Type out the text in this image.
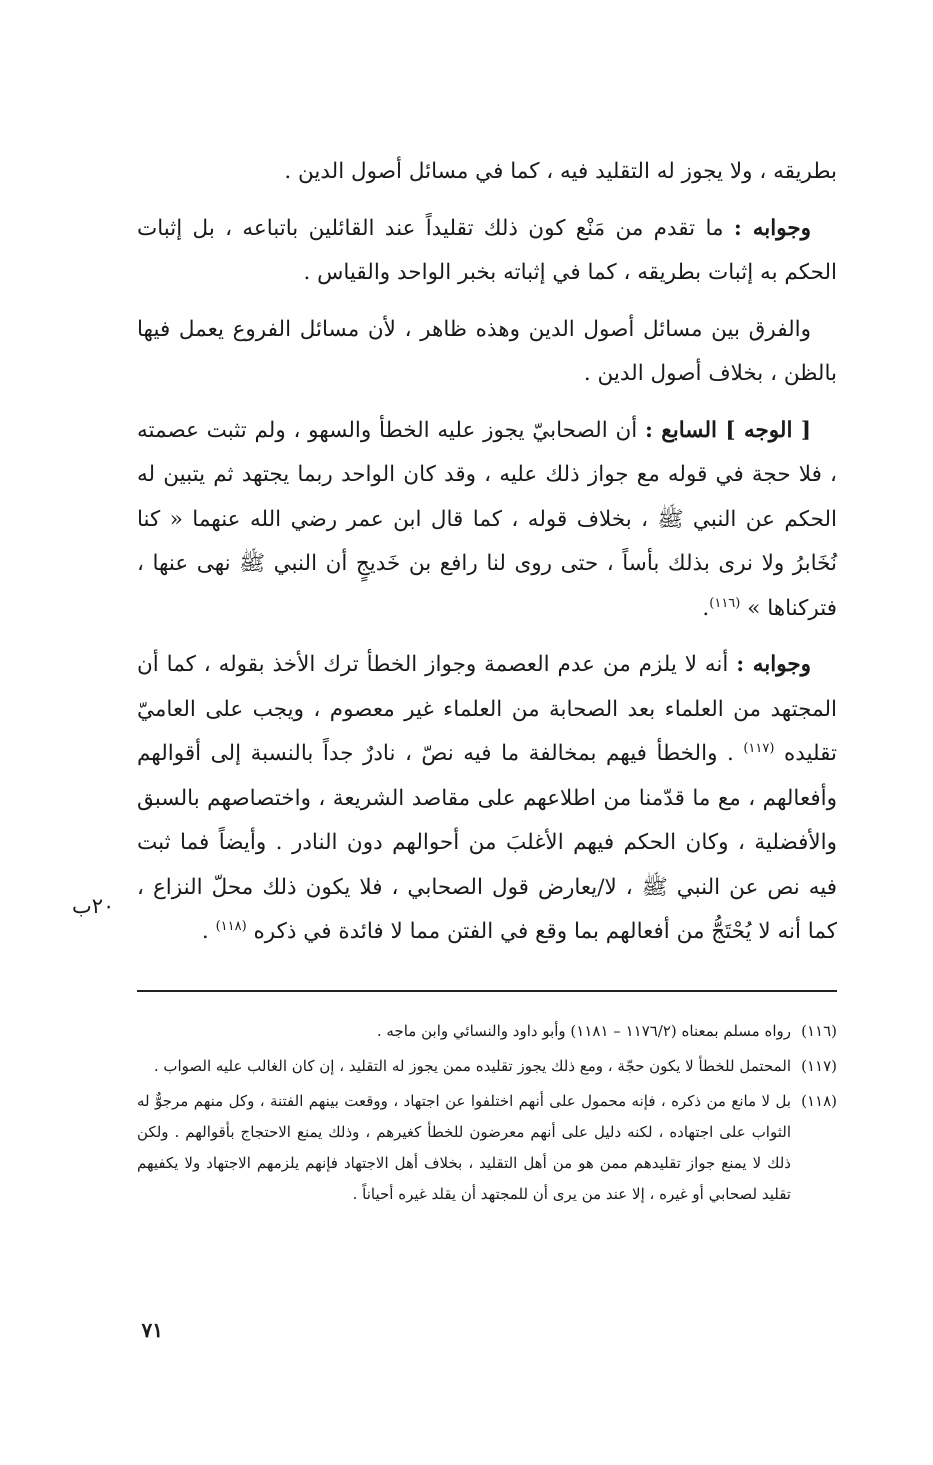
بطريقه ، ولا يجوز له التقليد فيه ، كما في مسائل أصول الدين .

وجوابه : ما تقدم من مَنْع كون ذلك تقليداً عند القائلين باتباعه ، بل إثبات الحكم به إثبات بطريقه ، كما في إثباته بخبر الواحد والقياس .

والفرق بين مسائل أصول الدين وهذه ظاهر ، لأن مسائل الفروع يعمل فيها بالظن ، بخلاف أصول الدين .

[ الوجه ] السابع : أن الصحابيّ يجوز عليه الخطأ والسهو ، ولم تثبت عصمته ، فلا حجة في قوله مع جواز ذلك عليه ، وقد كان الواحد ربما يجتهد ثم يتبين له الحكم عن النبي ﷺ ، بخلاف قوله ، كما قال ابن عمر رضي الله عنهما « كنا نُخَابرُ ولا نرى بذلك بأساً ، حتى روى لنا رافع بن خَديجٍ أن النبي ﷺ نهى عنها ، فتركناها » $^{(١١٦)}$.

وجوابه : أنه لا يلزم من عدم العصمة وجواز الخطأ ترك الأخذ بقوله ، كما أن المجتهد من العلماء بعد الصحابة من العلماء غير معصوم ، ويجب على العاميّ تقليده $^{(١١٧)}$ . والخطأ فيهم بمخالفة ما فيه نصّ ، نادرٌ جداً بالنسبة إلى أقوالهم وأفعالهم ، مع ما قدّمنا من اطلاعهم على مقاصد الشريعة ، واختصاصهم بالسبق والأفضلية ، وكان الحكم فيهم الأغلبَ من أحوالهم دون النادر . وأيضاً فما ثبت فيه نص عن النبي ﷺ ، لا/يعارض قول الصحابي ، فلا يكون ذلك محلّ النزاع ، كما أنه لا يُحْتَجُّ من أفعالهم بما وقع في الفتن مما لا فائدة في ذكره $^{(١١٨)}$ .

٢٠ب
(١١٦)
رواه مسلم بمعناه (١١٧٦/٢ – ١١٨١) وأبو داود والنسائي وابن ماجه .
(١١٧)
المحتمل للخطأ لا يكون حجّة ، ومع ذلك يجوز تقليده ممن يجوز له التقليد ، إن كان الغالب عليه الصواب .
(١١٨)
بل لا مانع من ذكره ، فإنه محمول على أنهم اختلفوا عن اجتهاد ، ووقعت بينهم الفتنة ، وكل منهم مرجوٌّ له الثواب على اجتهاده ، لكنه دليل على أنهم معرضون للخطأ كغيرهم ، وذلك يمنع الاحتجاج بأقوالهم . ولكن ذلك لا يمنع جواز تقليدهم ممن هو من أهل التقليد ، بخلاف أهل الاجتهاد فإنهم يلزمهم الاجتهاد ولا يكفيهم تقليد لصحابي أو غيره ، إلا عند من يرى أن للمجتهد أن يقلد غيره أحياناً .
٧١
